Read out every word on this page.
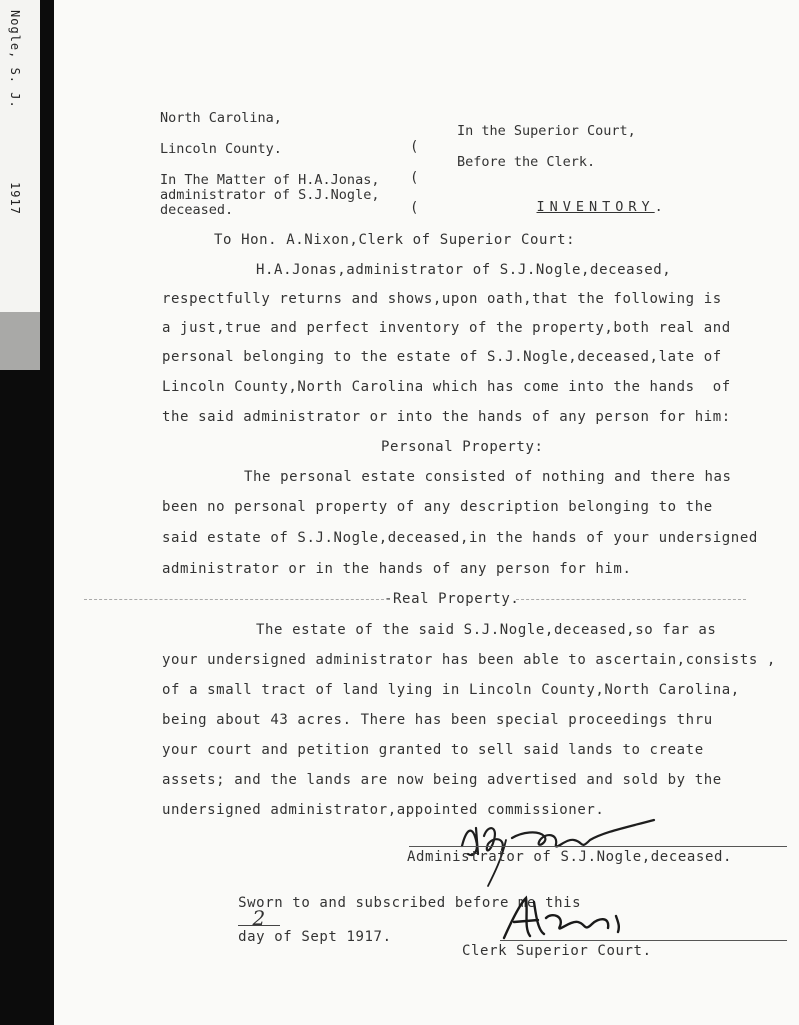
Nogle, S. J.
1917
North Carolina,
Lincoln County.
In The Matter of H.A.Jonas,
administrator of S.J.Nogle,
deceased.
(
(
(
In the Superior Court,
Before the Clerk.

INVENTORY.

To Hon. A.Nixon,Clerk of Superior Court:
H.A.Jonas,administrator of S.J.Nogle,deceased,
respectfully returns and shows,upon oath,that the following is
a just,true and perfect inventory of the property,both real and
personal belonging to the estate of S.J.Nogle,deceased,late of
Lincoln County,North Carolina which has come into the hands  of
the said administrator or into the hands of any person for him:
Personal Property:
The personal estate consisted of nothing and there has
been no personal property of any description belonging to the
said estate of S.J.Nogle,deceased,in the hands of your undersigned
administrator or in the hands of any person for him.
-Real Property.
The estate of the said S.J.Nogle,deceased,so far as
your undersigned administrator has been able to ascertain,consists ,
of a small tract of land lying in Lincoln County,North Carolina,
being about 43 acres. There has been special proceedings thru
your court and petition granted to sell said lands to create
assets; and the lands are now being advertised and sold by the
undersigned administrator,appointed commissioner.
Administrator of S.J.Nogle,deceased.

Sworn to and subscribed before me this
2
day of Sept 1917.

Clerk Superior Court.
